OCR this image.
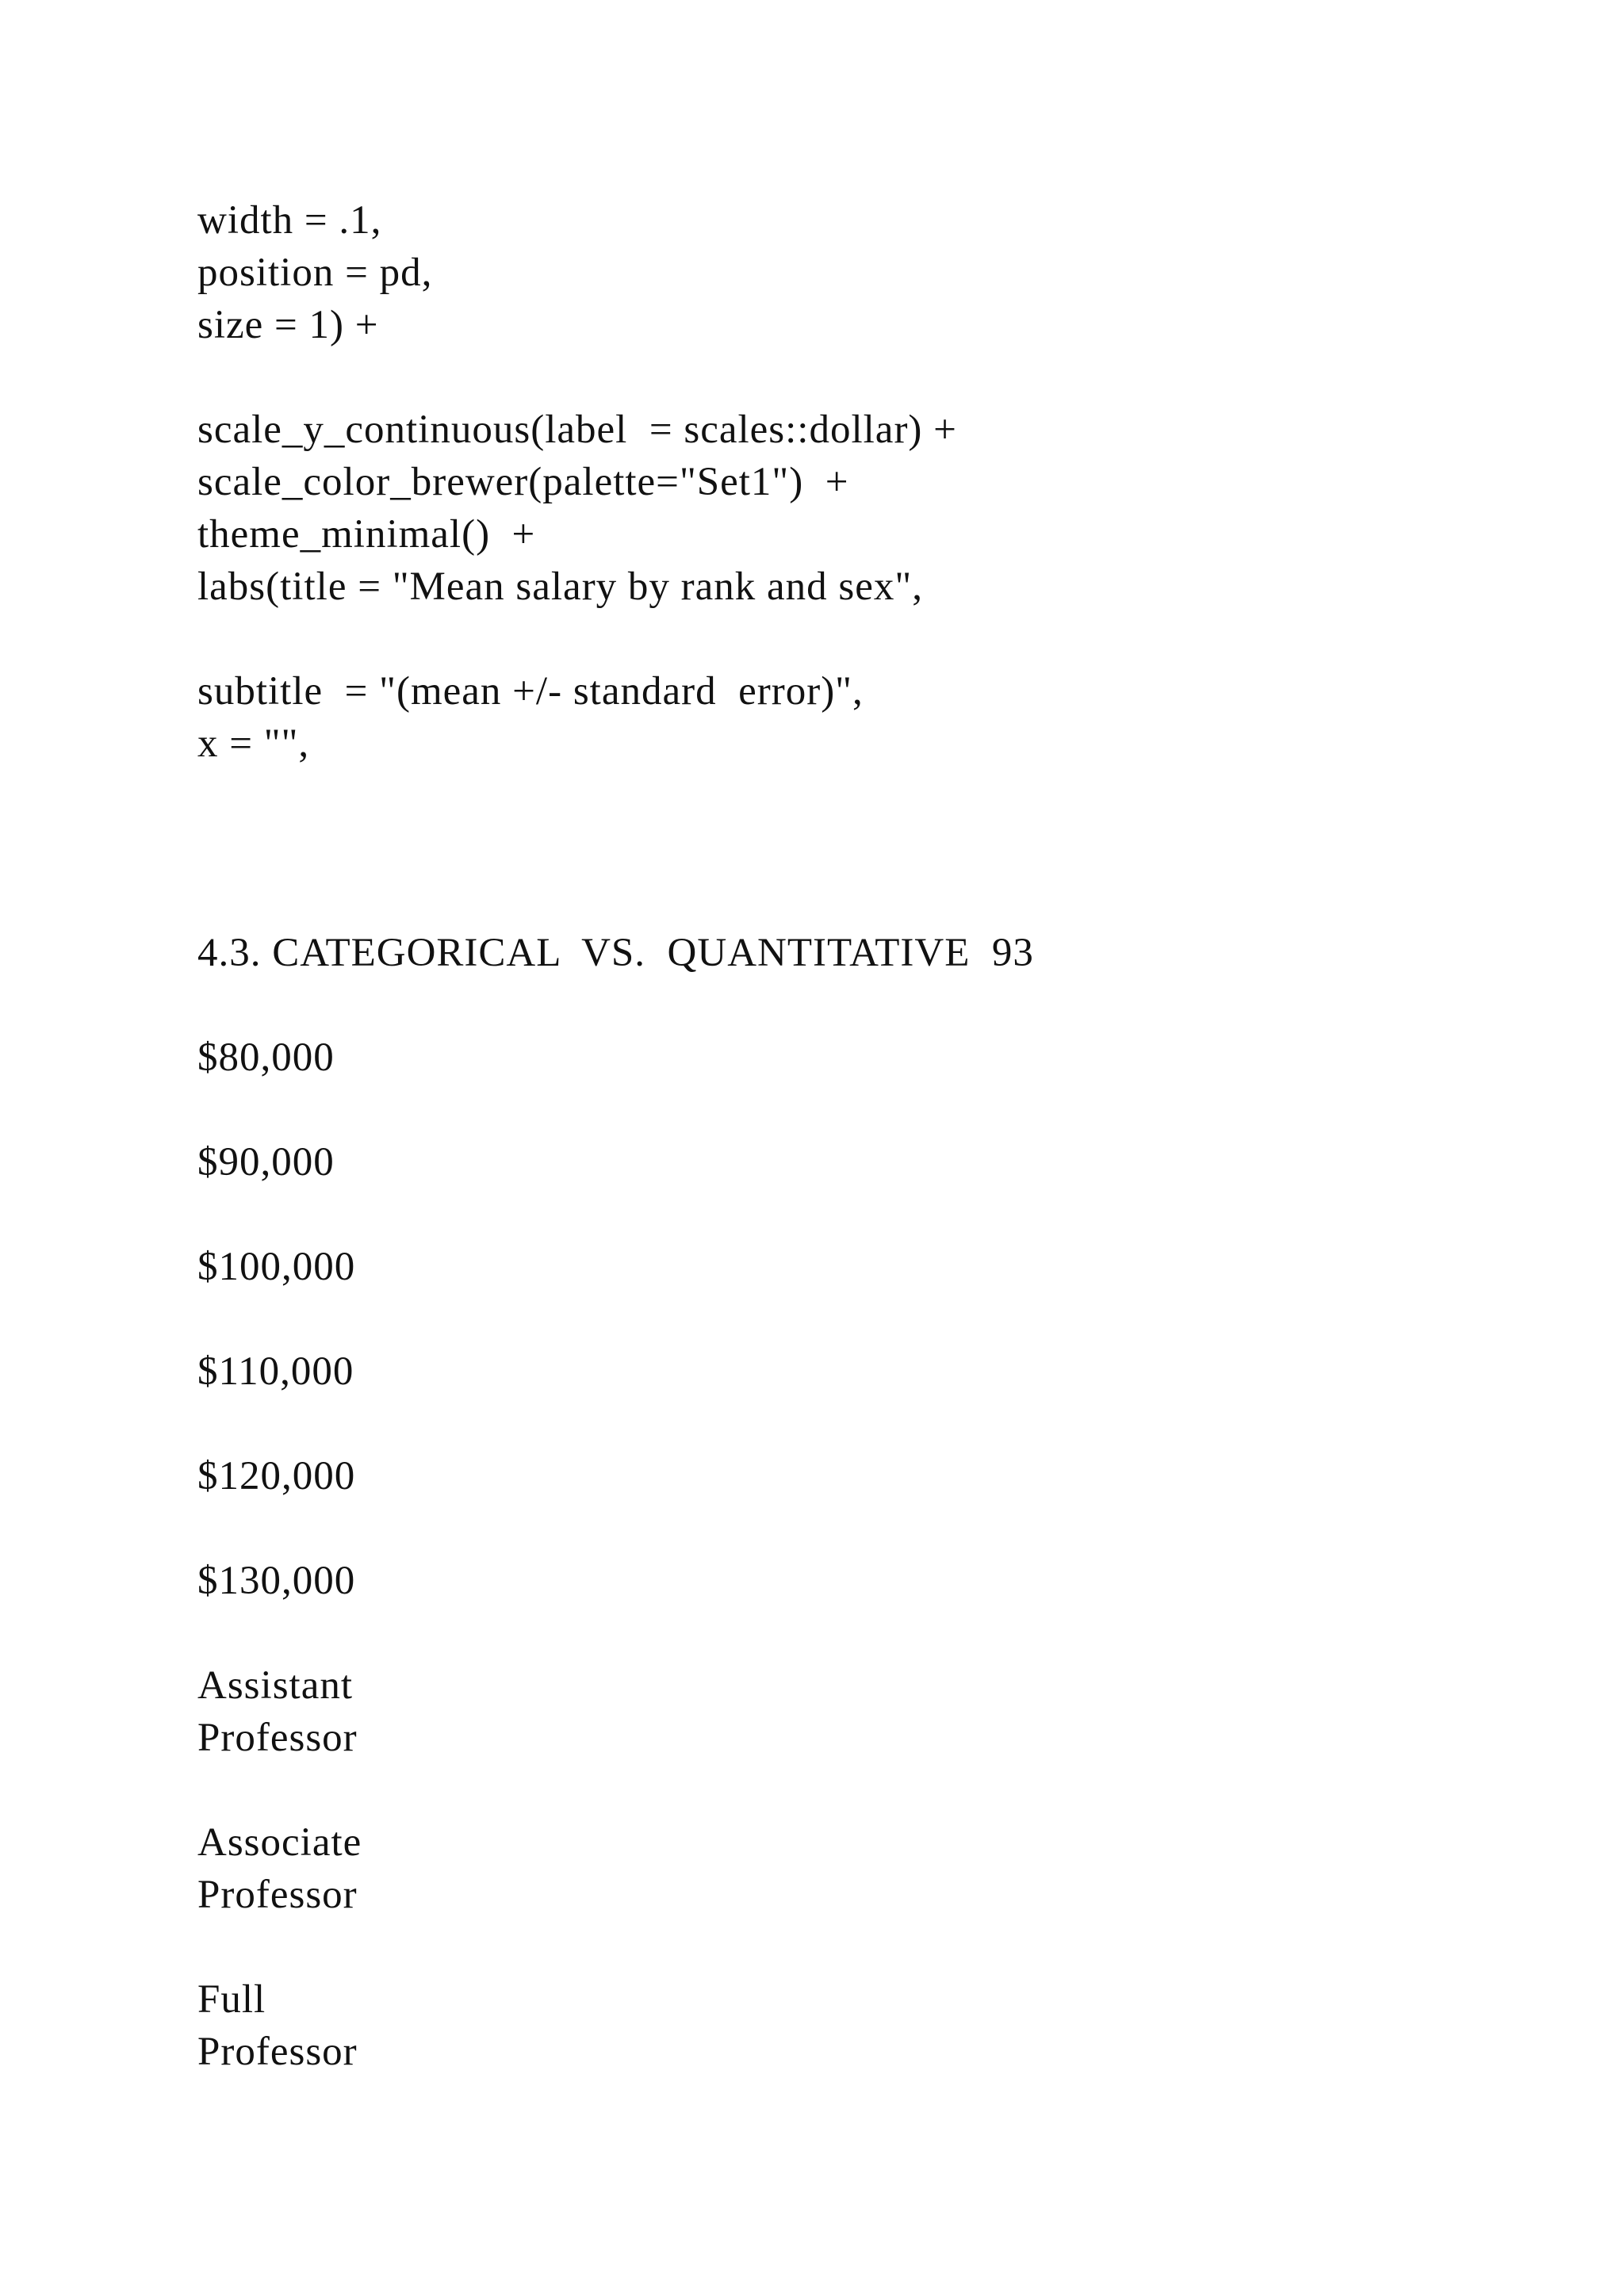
width = .1,
position = pd,
size = 1) +
scale_y_continuous(label  = scales::dollar) +
scale_color_brewer(palette="Set1")  +
theme_minimal()  +
labs(title = "Mean salary by rank and sex",
subtitle  = "(mean +/- standard  error)",
x = "",
4.3. CATEGORICAL  VS.  QUANTITATIVE  93
$80,000
$90,000
$100,000
$110,000
$120,000
$130,000
Assistant
Professor
Associate
Professor
Full
Professor
